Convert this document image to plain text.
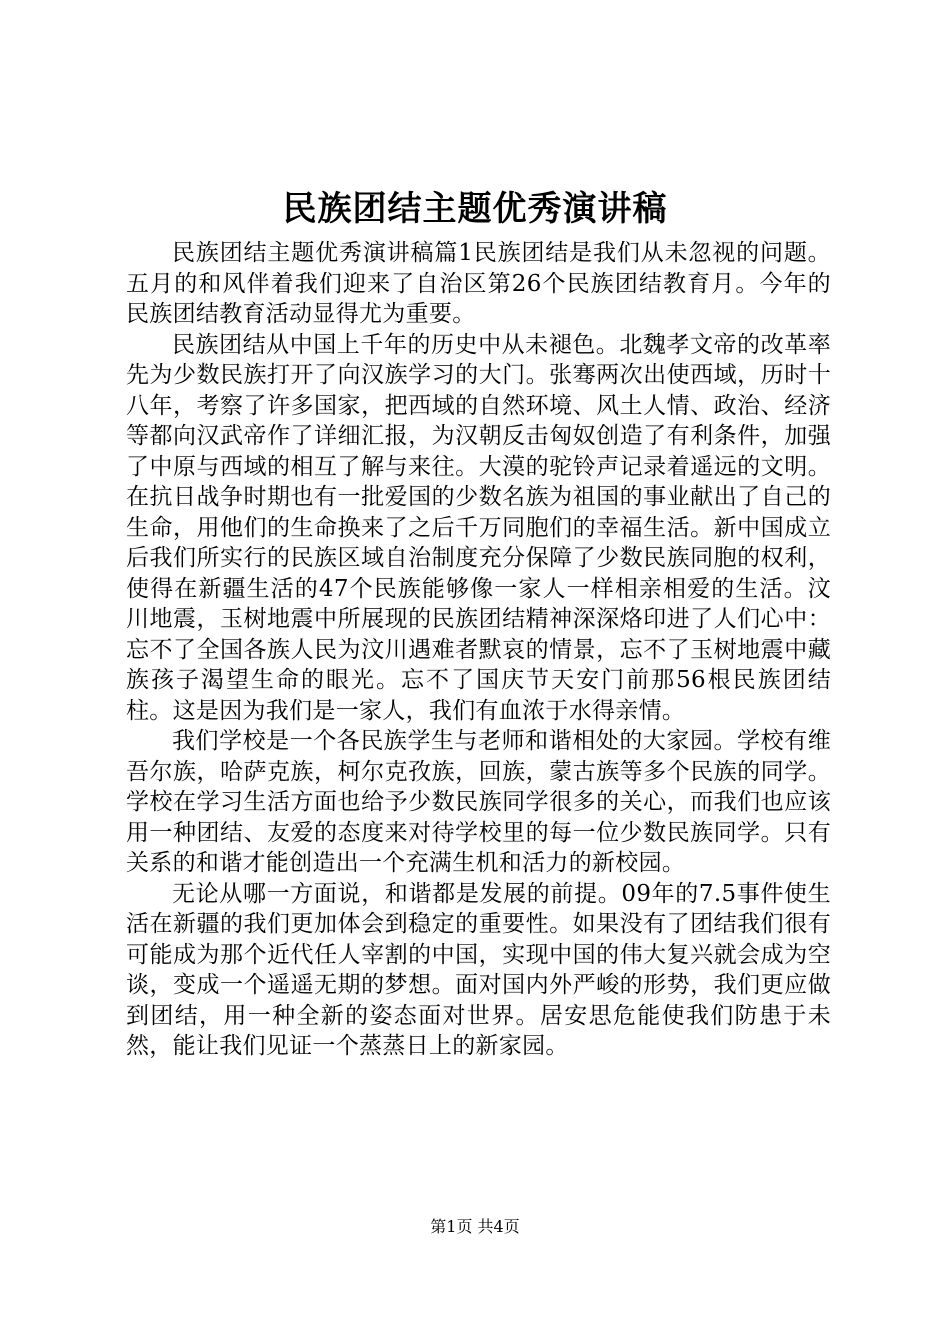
民族团结主题优秀演讲稿

民族团结主题优秀演讲稿篇1民族团结是我们从未忽视的问题。五月的和风伴着我们迎来了自治区第26个民族团结教育月。今年的民族团结教育活动显得尤为重要。

民族团结从中国上千年的历史中从未褪色。北魏孝文帝的改革率先为少数民族打开了向汉族学习的大门。张骞两次出使西域，历时十八年，考察了许多国家，把西域的自然环境、风土人情、政治、经济等都向汉武帝作了详细汇报，为汉朝反击匈奴创造了有利条件，加强了中原与西域的相互了解与来往。大漠的驼铃声记录着遥远的文明。在抗日战争时期也有一批爱国的少数名族为祖国的事业献出了自己的生命，用他们的生命换来了之后千万同胞们的幸福生活。新中国成立后我们所实行的民族区域自治制度充分保障了少数民族同胞的权利，使得在新疆生活的47个民族能够像一家人一样相亲相爱的生活。汶川地震，玉树地震中所展现的民族团结精神深深烙印进了人们心中：忘不了全国各族人民为汶川遇难者默哀的情景，忘不了玉树地震中藏族孩子渴望生命的眼光。忘不了国庆节天安门前那56根民族团结柱。这是因为我们是一家人，我们有血浓于水得亲情。

我们学校是一个各民族学生与老师和谐相处的大家园。学校有维吾尔族，哈萨克族，柯尔克孜族，回族，蒙古族等多个民族的同学。学校在学习生活方面也给予少数民族同学很多的关心，而我们也应该用一种团结、友爱的态度来对待学校里的每一位少数民族同学。只有关系的和谐才能创造出一个充满生机和活力的新校园。

无论从哪一方面说，和谐都是发展的前提。09年的7.5事件使生活在新疆的我们更加体会到稳定的重要性。如果没有了团结我们很有可能成为那个近代任人宰割的中国，实现中国的伟大复兴就会成为空谈，变成一个遥遥无期的梦想。面对国内外严峻的形势，我们更应做到团结，用一种全新的姿态面对世界。居安思危能使我们防患于未然，能让我们见证一个蒸蒸日上的新家园。

第1页 共4页
